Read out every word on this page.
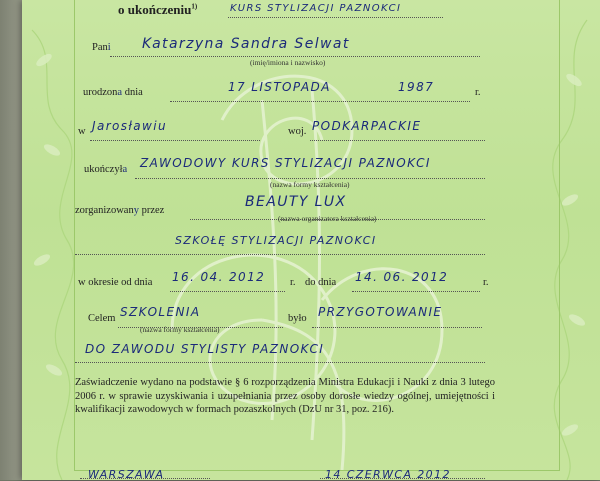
o ukończeniu$^{1)}$	KURS STYLIZACJI PAZNOKCI
Pani Katarzyna Sandra Selwat
(imię/imiona i nazwisko)
urodzona dnia	17 LISTOPADA	1987	r.
w Jarosławiu	woj. PODKARPACKIE
ukończyła ZAWODOWY KURS STYLIZACJI PAZNOKCI
(nazwa formy kształcenia)
zorganizowany przez
BEAUTY LUX
(nazwa organizatora kształcenia)
SZKOŁĘ STYLIZACJI PAZNOKCI
w okresie od dnia 16. 04. 2012 r. do dnia 14. 06. 2012	r.
Celem SZKOLENIA
(nazwa formy kształcenia)
było PRZYGOTOWANIE
DO ZAWODU STYLISTY PAZNOKCI
Zaświadczenie wydano na podstawie § 6 rozporządzenia Ministra Edukacji i Nauki z dnia 3 lutego 2006 r. w sprawie uzyskiwania i uzupełniania przez osoby dorosłe wiedzy ogólnej, umiejętności i kwalifikacji zawodowych w formach pozaszkolnych (DzU nr 31, poz. 216).
WARSZAWA	14 CZERWCA 2012
